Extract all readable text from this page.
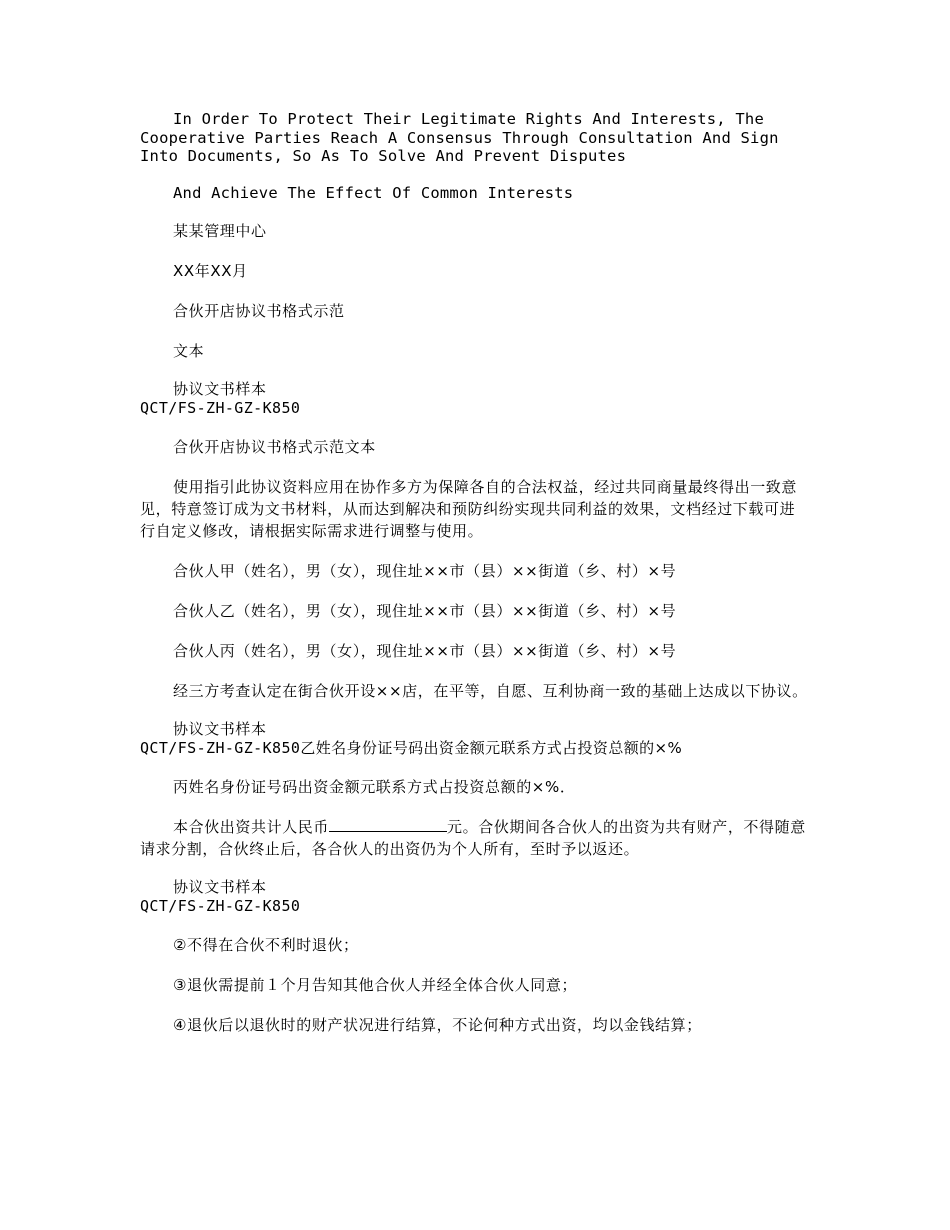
In Order To Protect Their Legitimate Rights And Interests, The Cooperative Parties Reach A Consensus Through Consultation And Sign Into Documents, So As To Solve And Prevent Disputes

And Achieve The Effect Of Common Interests

某某管理中心

XX年XX月

合伙开店协议书格式示范

文本

协议文书样本
QCT/FS-ZH-GZ-K850

合伙开店协议书格式示范文本

使用指引此协议资料应用在协作多方为保障各自的合法权益，经过共同商量最终得出一致意见，特意签订成为文书材料，从而达到解决和预防纠纷实现共同利益的效果，文档经过下载可进行自定义修改，请根据实际需求进行调整与使用。

合伙人甲（姓名），男（女），现住址××市（县）××街道（乡、村）×号

合伙人乙（姓名），男（女），现住址××市（县）××街道（乡、村）×号

合伙人丙（姓名），男（女），现住址××市（县）××街道（乡、村）×号

经三方考查认定在街合伙开设××店，在平等，自愿、互利协商一致的基础上达成以下协议。

协议文书样本
QCT/FS-ZH-GZ-K850乙姓名身份证号码出资金额元联系方式占投资总额的×%

丙姓名身份证号码出资金额元联系方式占投资总额的×%．

本合伙出资共计人民币	元。合伙期间各合伙人的出资为共有财产，不得随意请求分割，合伙终止后，各合伙人的出资仍为个人所有，至时予以返还。

协议文书样本
QCT/FS-ZH-GZ-K850

②不得在合伙不利时退伙；

③退伙需提前１个月告知其他合伙人并经全体合伙人同意；

④退伙后以退伙时的财产状况进行结算，不论何种方式出资，均以金钱结算；
